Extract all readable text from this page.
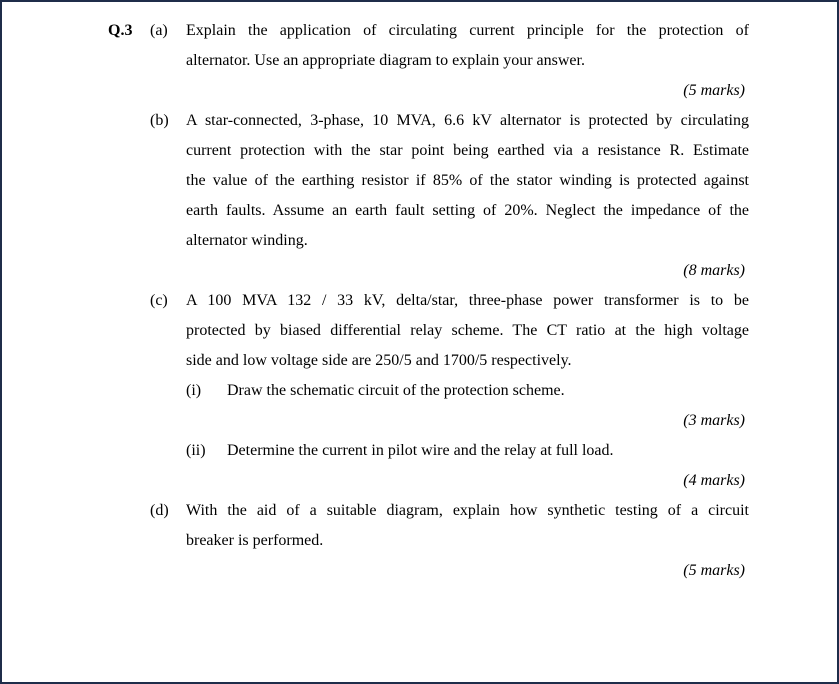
Q.3 (a) Explain the application of circulating current principle for the protection of
alternator. Use an appropriate diagram to explain your answer.
(5 marks)
(b) A star-connected, 3-phase, 10 MVA, 6.6 kV alternator is protected by circulating
current protection with the star point being earthed via a resistance R. Estimate
the value of the earthing resistor if 85% of the stator winding is protected against
earth faults. Assume an earth fault setting of 20%. Neglect the impedance of the
alternator winding.
(8 marks)
(c) A 100 MVA 132 / 33 kV, delta/star, three-phase power transformer is to be
protected by biased differential relay scheme. The CT ratio at the high voltage
side and low voltage side are 250/5 and 1700/5 respectively.
(i) Draw the schematic circuit of the protection scheme.
(3 marks)
(ii) Determine the current in pilot wire and the relay at full load.
(4 marks)
(d) With the aid of a suitable diagram, explain how synthetic testing of a circuit
breaker is performed.
(5 marks)
